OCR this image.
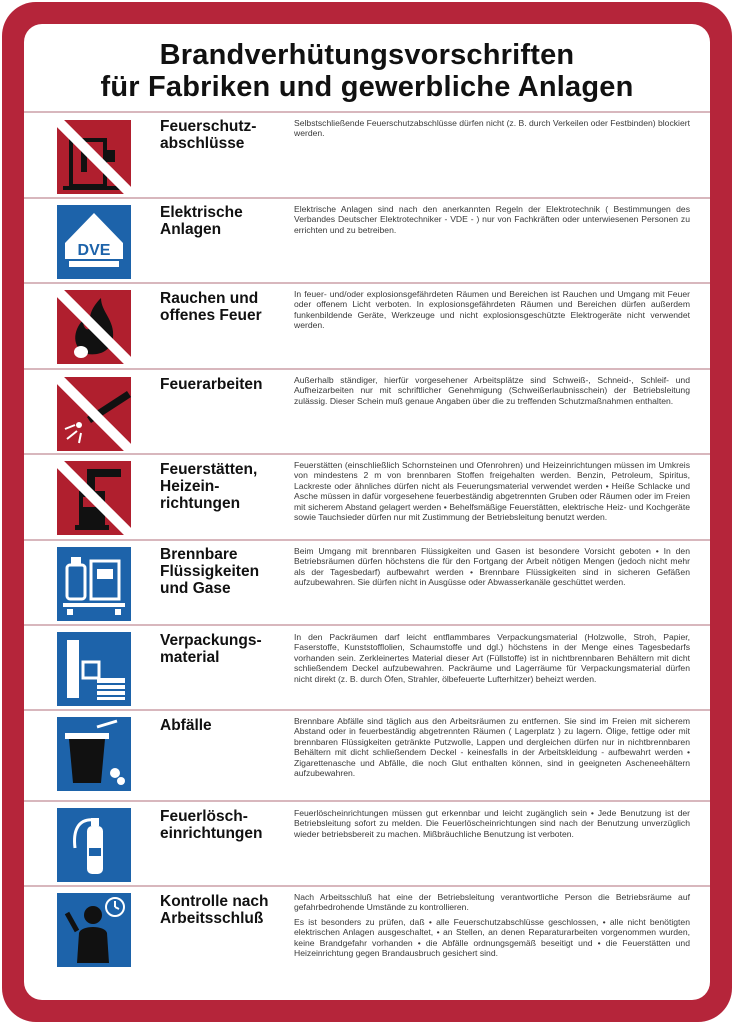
Brandverhütungsvorschriften
für Fabriken und gewerbliche Anlagen
Feuerschutz-
abschlüsse
Selbstschließende Feuerschutzabschlüsse dürfen nicht (z. B. durch Verkeilen oder Festbinden) blockiert werden.
DVE
Elektrische
Anlagen
Elektrische Anlagen sind nach den anerkannten Regeln der Elektrotechnik ( Bestimmungen des Verbandes Deutscher Elektrotechniker - VDE - ) nur von Fachkräften oder unterwiesenen Personen zu errichten und zu betreiben.
Rauchen und
offenes Feuer
In feuer- und/oder explosionsgefährdeten Räumen und Bereichen ist Rauchen und Umgang mit Feuer oder offenem Licht verboten. In explosionsgefährdeten Räumen und Bereichen dürfen außerdem funkenbildende Geräte, Werkzeuge und nicht explosionsgeschützte Elektrogeräte nicht verwendet werden.
Feuerarbeiten	Außerhalb ständiger, hierfür vorgesehener Arbeitsplätze sind Schweiß-, Schneid-, Schleif- und Aufheizarbeiten nur mit schriftlicher Genehmigung (Schweißerlaubnisschein) der Betriebsleitung zulässig. Dieser Schein muß genaue Angaben über die zu treffenden Schutzmaßnahmen enthalten.
Feuerstätten,
Heizein-
richtungen
Feuerstätten (einschließlich Schornsteinen und Ofenrohren) und Heizeinrichtungen müssen im Umkreis von mindestens 2 m von brennbaren Stoffen freigehalten werden. Benzin, Petroleum, Spiritus, Lackreste oder ähnliches dürfen nicht als Feuerungsmaterial verwendet werden • Heiße Schlacke und Asche müssen in dafür vorgesehene feuerbeständig abgetrennten Gruben oder Räumen oder im Freien mit sicherem Abstand gelagert werden • Behelfsmäßige Feuerstätten, elektrische Heiz- und Kochgeräte sowie Tauchsieder dürfen nur mit Zustimmung der Betriebsleitung benutzt werden.
Brennbare
Flüssigkeiten
und Gase
Beim Umgang mit brennbaren Flüssigkeiten und Gasen ist besondere Vorsicht geboten • In den Betriebsräumen dürfen höchstens die für den Fortgang der Arbeit nötigen Mengen (jedoch nicht mehr als der Tagesbedarf) aufbewahrt werden • Brennbare Flüssigkeiten sind in sicheren Gefäßen aufzubewahren. Sie dürfen nicht in Ausgüsse oder Abwasserkanäle geschüttet werden.
Verpackungs-
material
In den Packräumen darf leicht entflammbares Verpackungsmaterial (Holzwolle, Stroh, Papier, Faserstoffe, Kunststofflolien, Schaumstoffe und dgl.) höchstens in der Menge eines Tagesbedarfs vorhanden sein. Zerkleinertes Material dieser Art (Füllstoffe) ist in nichtbrennbaren Behältern mit dicht schließendem Deckel aufzubewahren. Packräume und Lagerräume für Verpackungsmaterial dürfen nicht direkt (z. B. durch Öfen, Strahler, ölbefeuerte Lufterhitzer) beheizt werden.
Abfälle	Brennbare Abfälle sind täglich aus den Arbeitsräumen zu entfernen. Sie sind im Freien mit sicherem Abstand oder in feuerbeständig abgetrennten Räumen ( Lagerplatz ) zu lagern. Ölige, fettige oder mit brennbaren Flüssigkeiten getränkte Putzwolle, Lappen und dergleichen dürfen nur in nichtbrennbaren Behältern mit dicht schließendem Deckel - keinesfalls in der Arbeitskleidung - aufbewahrt werden • Zigarettenasche und Abfälle, die noch Glut enthalten können, sind in geeigneten Ascheneehältern aufzubewahren.
Feuerlösch-
einrichtungen
Feuerlöscheinrichtungen müssen gut erkennbar und leicht zugänglich sein • Jede Benutzung ist der Betriebsleitung sofort zu melden. Die Feuerlöscheinrichtungen sind nach der Benutzung unverzüglich wieder betriebsbereit zu machen. Mißbräuchliche Benutzung ist verboten.
Kontrolle nach
Arbeitsschluß

Nach Arbeitsschluß hat eine der Betriebsleitung verantwortliche Person die Betriebsräume auf gefahrbedrohende Umstände zu kontrollieren.

Es ist besonders zu prüfen, daß • alle Feuerschutzabschlüsse geschlossen, • alle nicht benötigten elektrischen Anlagen ausgeschaltet, • an Stellen, an denen Reparaturarbeiten vorgenommen wurden, keine Brandgefahr vorhanden • die Abfälle ordnungsgemäß beseitigt und • die Feuerstätten und Heizeinrichtung gegen Brandausbruch gesichert sind.
